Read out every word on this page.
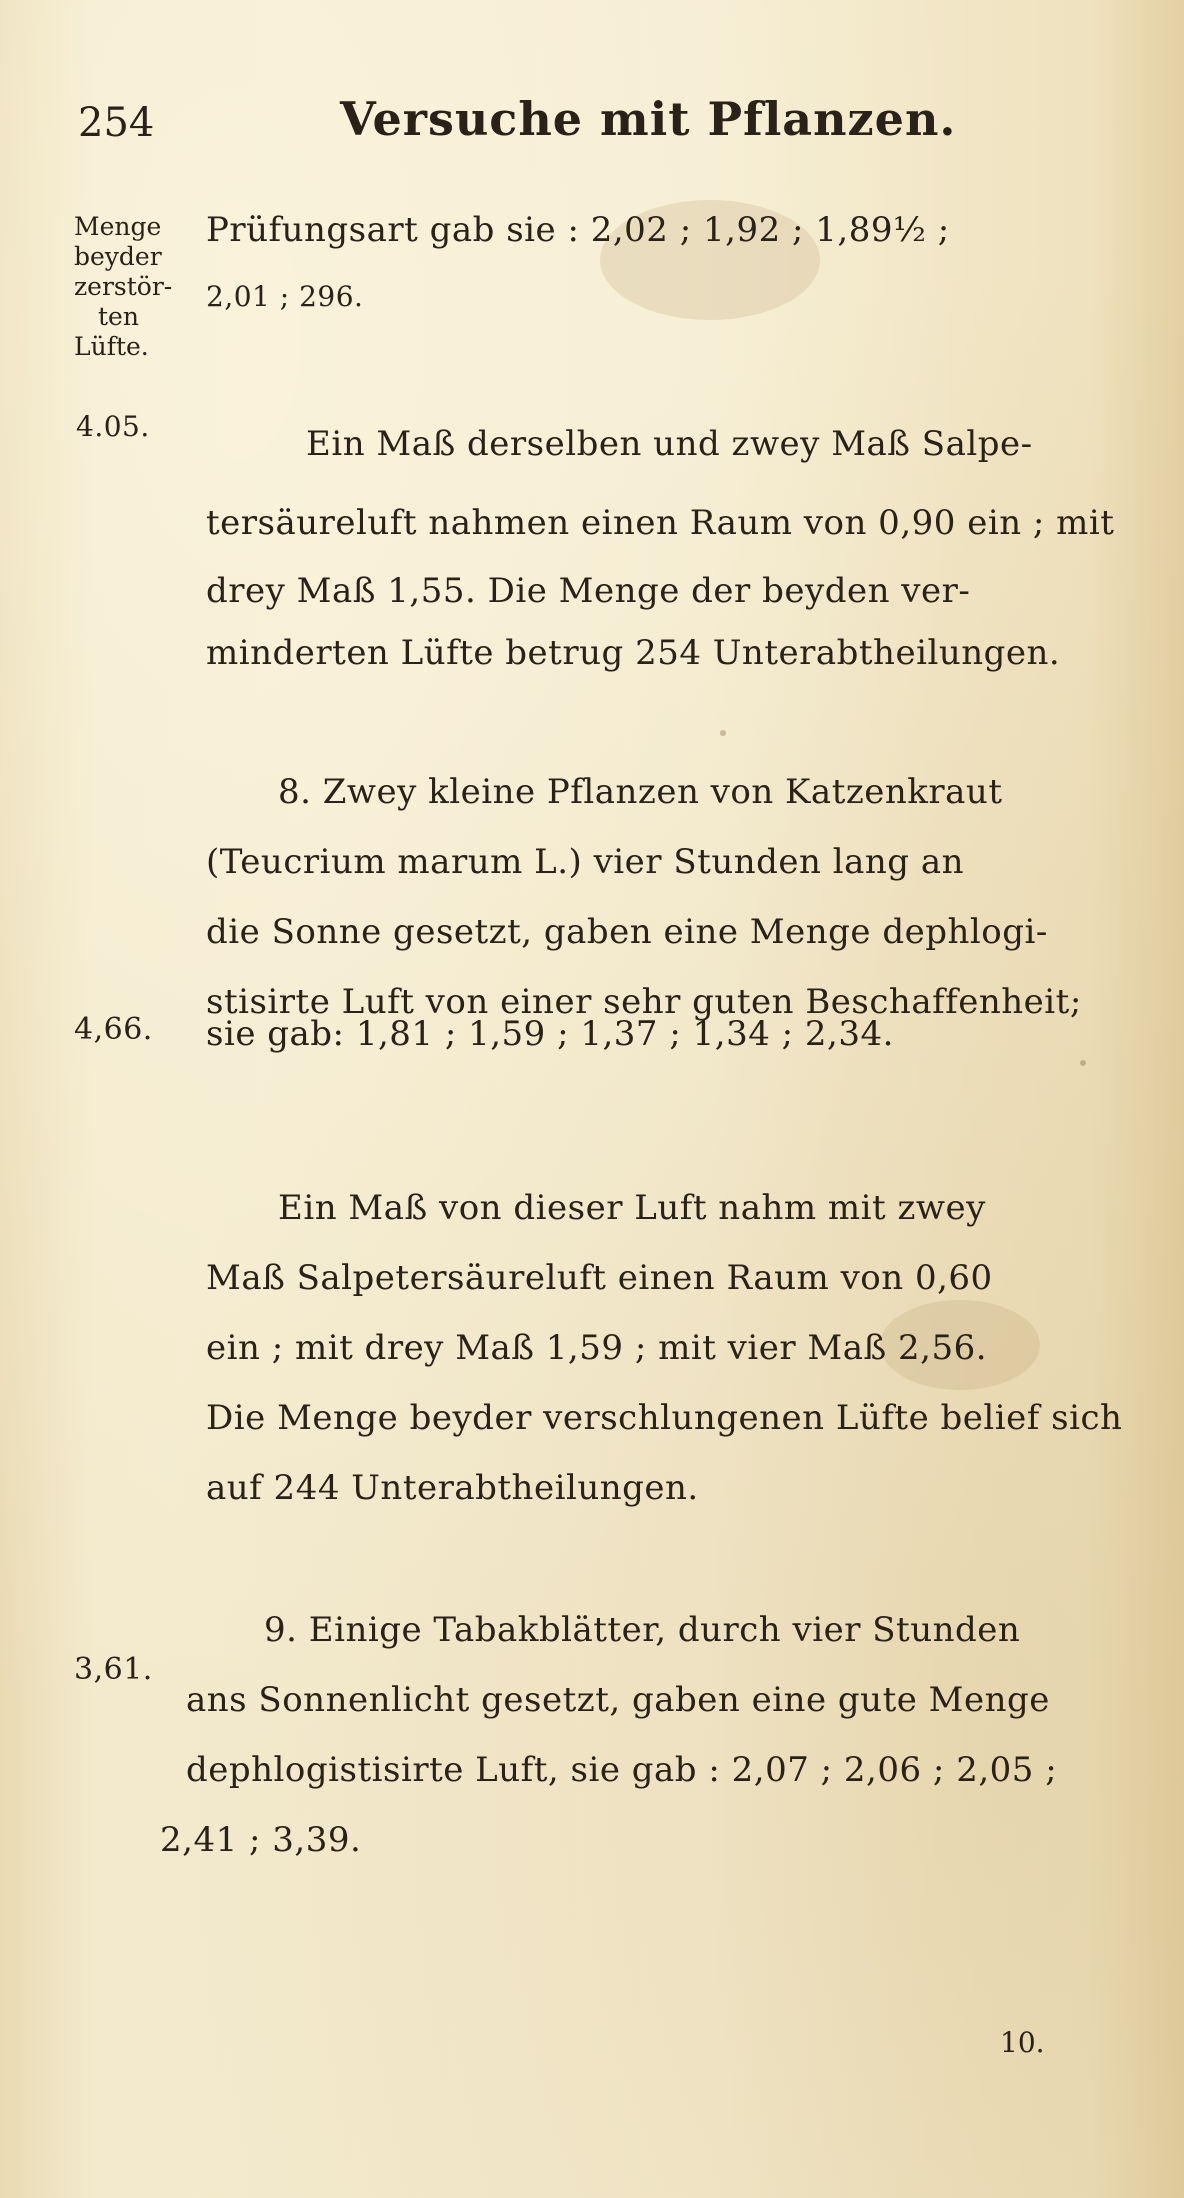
254	Versuche mit Pflanzen.
Menge
beyder
zerstör-
ten
Lüfte.
4.05.
4,66.
3,61.
Prüfungsart gab sie : 2,02 ; 1,92 ; 1,89½ ;
2,01 ; 296.
Ein Maß derselben und zwey Maß Salpe-
tersäureluft nahmen einen Raum von 0,90 ein ; mit
drey Maß 1,55. Die Menge der beyden ver-
minderten Lüfte betrug 254 Unterabtheilungen.
8. Zwey kleine Pflanzen von Katzenkraut
(Teucrium marum L.) vier Stunden lang an
die Sonne gesetzt, gaben eine Menge dephlogi-
stisirte Luft von einer sehr guten Beschaffenheit;
sie gab: 1,81 ; 1,59 ; 1,37 ; 1,34 ; 2,34.
Ein Maß von dieser Luft nahm mit zwey
Maß Salpetersäureluft einen Raum von 0,60
ein ; mit drey Maß 1,59 ; mit vier Maß 2,56.
Die Menge beyder verschlungenen Lüfte belief sich
auf 244 Unterabtheilungen.
9. Einige Tabakblätter, durch vier Stunden
ans Sonnenlicht gesetzt, gaben eine gute Menge
dephlogistisirte Luft, sie gab : 2,07 ; 2,06 ; 2,05 ;
2,41 ; 3,39.
10.
